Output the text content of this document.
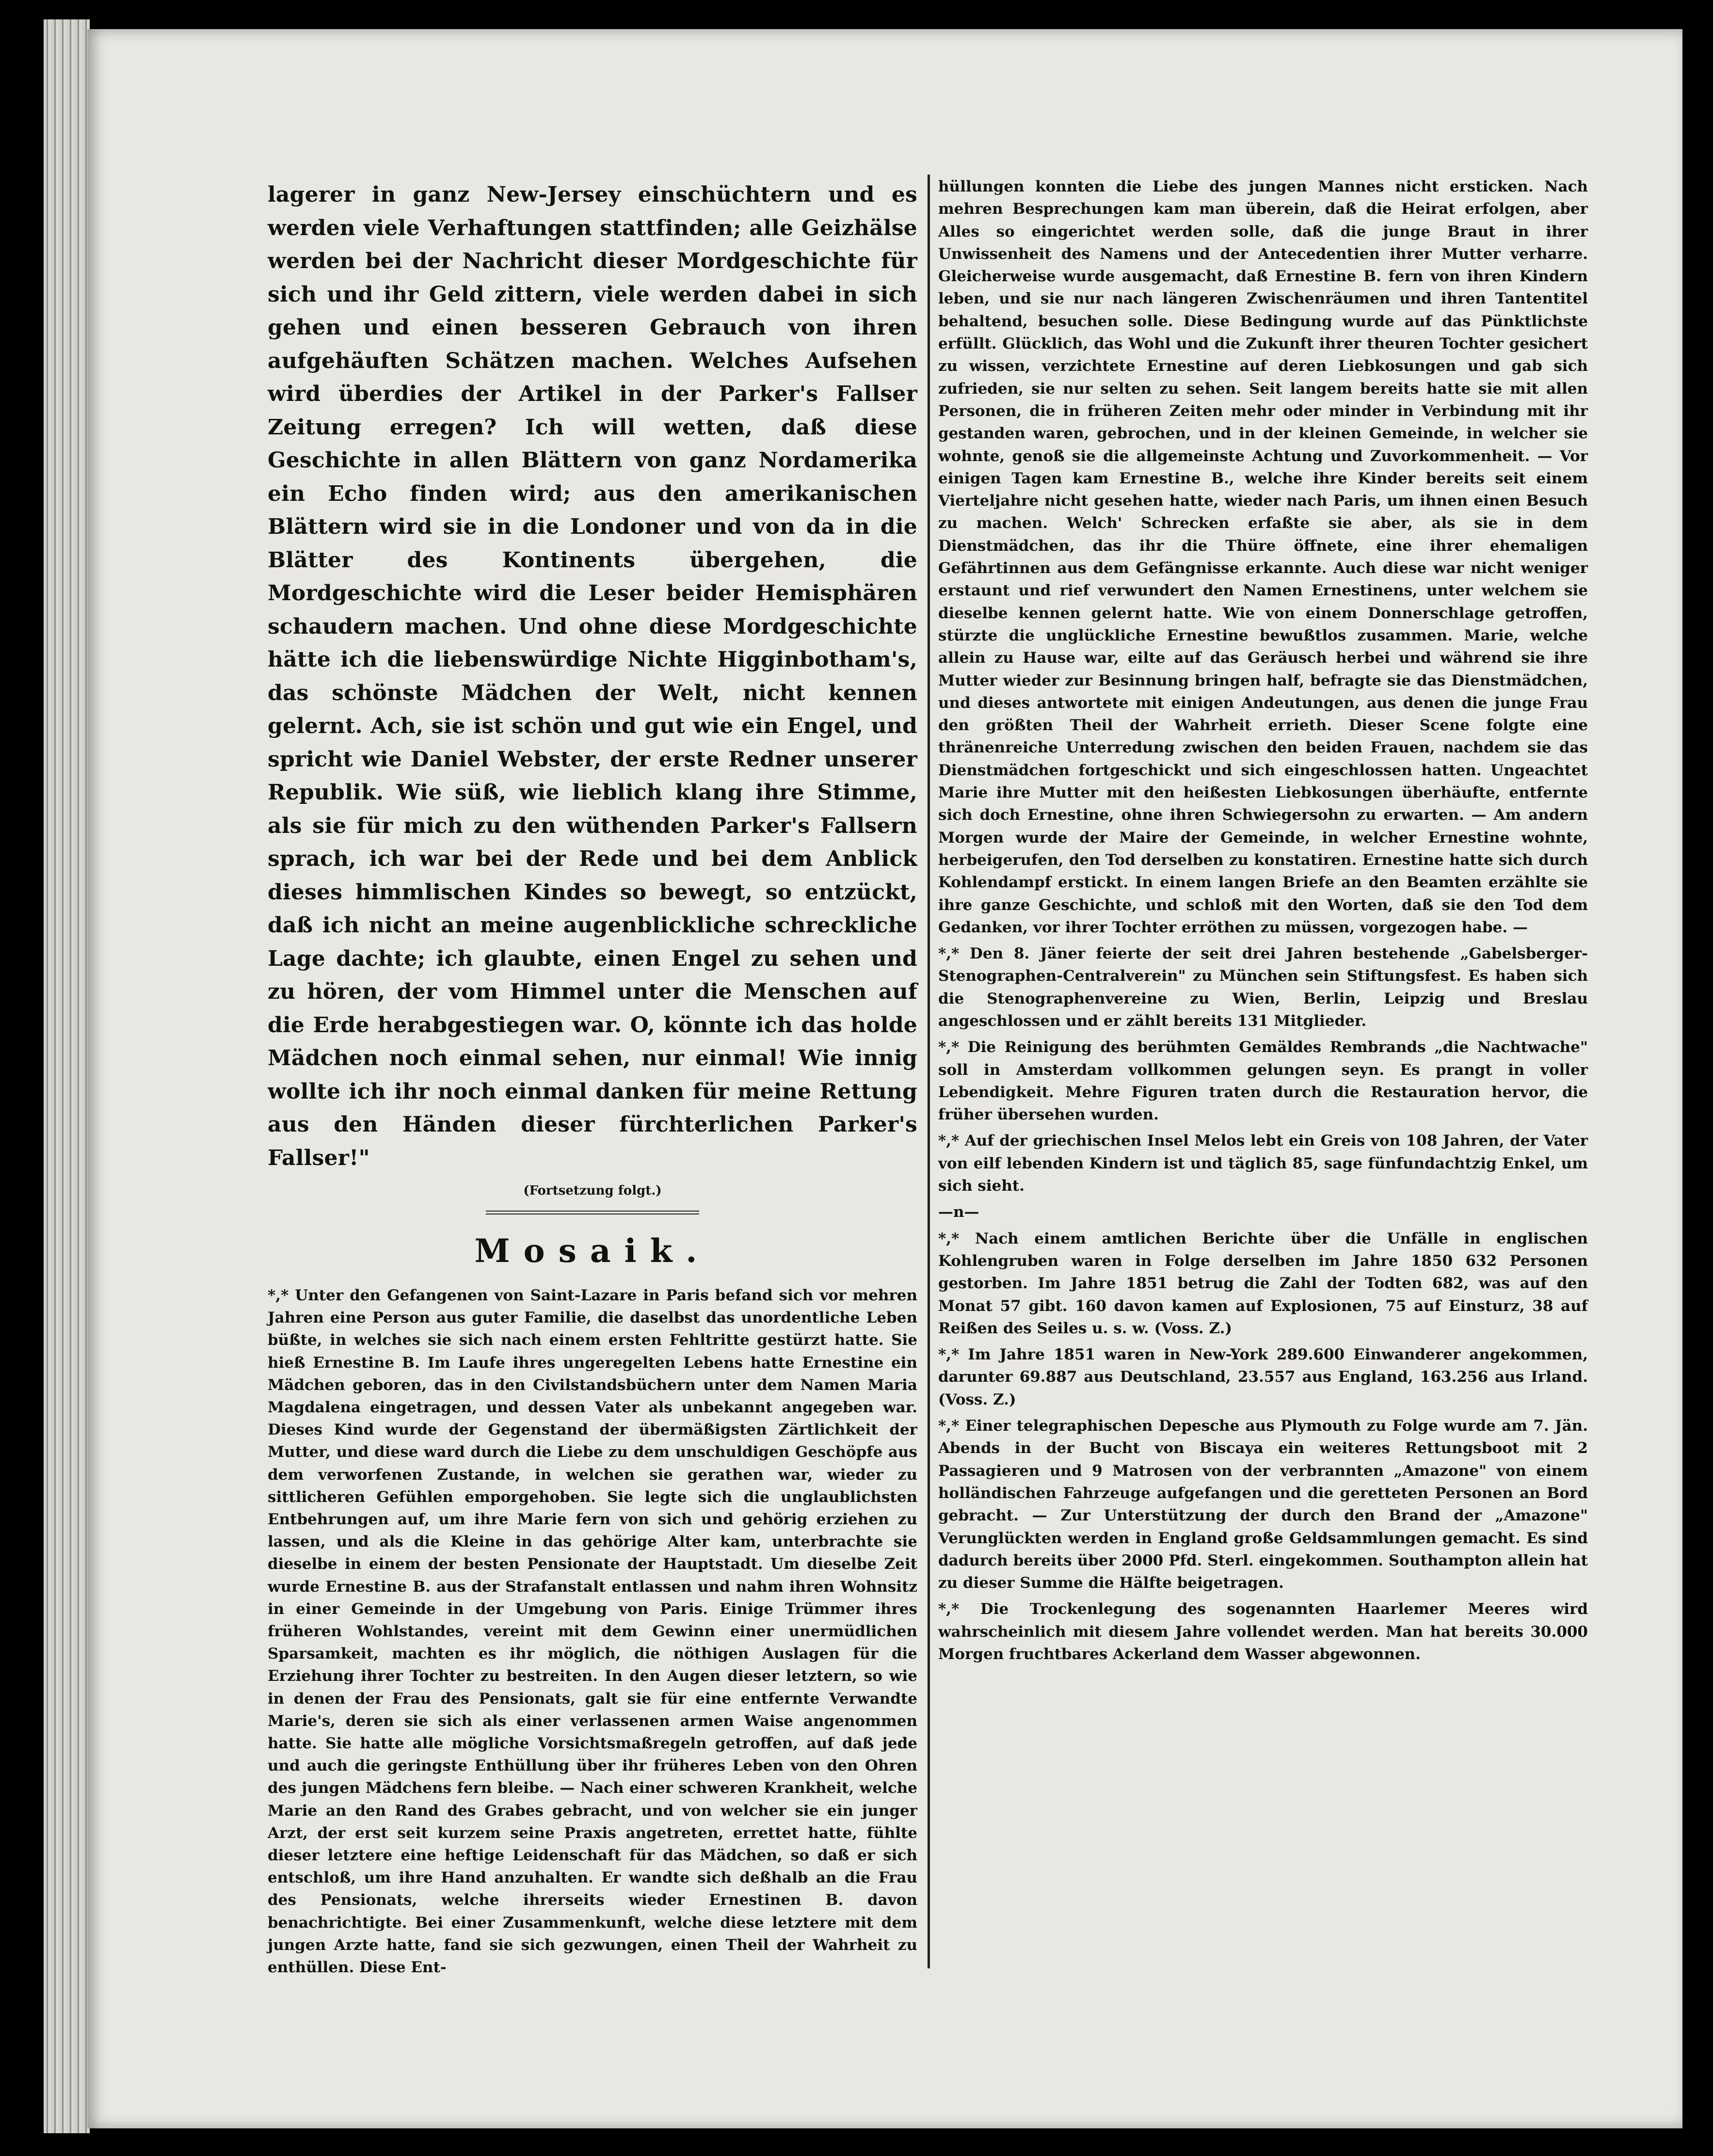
lagerer in ganz New-Jersey einschüchtern und es werden viele Verhaftungen stattfinden; alle Geizhälse werden bei der Nachricht dieser Mordgeschichte für sich und ihr Geld zittern, viele werden dabei in sich gehen und einen besseren Gebrauch von ihren aufgehäuften Schätzen machen. Welches Aufsehen wird überdies der Artikel in der Parker's Fallser Zeitung erregen? Ich will wetten, daß diese Geschichte in allen Blättern von ganz Nordamerika ein Echo finden wird; aus den amerikanischen Blättern wird sie in die Londoner und von da in die Blätter des Kontinents übergehen, die Mordgeschichte wird die Leser beider Hemisphären schaudern machen. Und ohne diese Mordgeschichte hätte ich die liebenswürdige Nichte Higginbotham's, das schönste Mädchen der Welt, nicht kennen gelernt. Ach, sie ist schön und gut wie ein Engel, und spricht wie Daniel Webster, der erste Redner unserer Republik. Wie süß, wie lieblich klang ihre Stimme, als sie für mich zu den wüthenden Parker's Fallsern sprach, ich war bei der Rede und bei dem Anblick dieses himmlischen Kindes so bewegt, so entzückt, daß ich nicht an meine augenblickliche schreckliche Lage dachte; ich glaubte, einen Engel zu sehen und zu hören, der vom Himmel unter die Menschen auf die Erde herabgestiegen war. O, könnte ich das holde Mädchen noch einmal sehen, nur einmal! Wie innig wollte ich ihr noch einmal danken für meine Rettung aus den Händen dieser fürchterlichen Parker's Fallser!"

(Fortsetzung folgt.)
Mosaik.

*,* Unter den Gefangenen von Saint-Lazare in Paris befand sich vor mehren Jahren eine Person aus guter Familie, die daselbst das unordentliche Leben büßte, in welches sie sich nach einem ersten Fehltritte gestürzt hatte. Sie hieß Ernestine B. Im Laufe ihres ungeregelten Lebens hatte Ernestine ein Mädchen geboren, das in den Civilstandsbüchern unter dem Namen Maria Magdalena eingetragen, und dessen Vater als unbekannt angegeben war. Dieses Kind wurde der Gegenstand der übermäßigsten Zärtlichkeit der Mutter, und diese ward durch die Liebe zu dem unschuldigen Geschöpfe aus dem verworfenen Zustande, in welchen sie gerathen war, wieder zu sittlicheren Gefühlen emporgehoben. Sie legte sich die unglaublichsten Entbehrungen auf, um ihre Marie fern von sich und gehörig erziehen zu lassen, und als die Kleine in das gehörige Alter kam, unterbrachte sie dieselbe in einem der besten Pensionate der Hauptstadt. Um dieselbe Zeit wurde Ernestine B. aus der Strafanstalt entlassen und nahm ihren Wohnsitz in einer Gemeinde in der Umgebung von Paris. Einige Trümmer ihres früheren Wohlstandes, vereint mit dem Gewinn einer unermüdlichen Sparsamkeit, machten es ihr möglich, die nöthigen Auslagen für die Erziehung ihrer Tochter zu bestreiten. In den Augen dieser letztern, so wie in denen der Frau des Pensionats, galt sie für eine entfernte Verwandte Marie's, deren sie sich als einer verlassenen armen Waise angenommen hatte. Sie hatte alle mögliche Vorsichtsmaßregeln getroffen, auf daß jede und auch die geringste Enthüllung über ihr früheres Leben von den Ohren des jungen Mädchens fern bleibe. — Nach einer schweren Krankheit, welche Marie an den Rand des Grabes gebracht, und von welcher sie ein junger Arzt, der erst seit kurzem seine Praxis angetreten, errettet hatte, fühlte dieser letztere eine heftige Leidenschaft für das Mädchen, so daß er sich entschloß, um ihre Hand anzuhalten. Er wandte sich deßhalb an die Frau des Pensionats, welche ihrerseits wieder Ernestinen B. davon benachrichtigte. Bei einer Zusammenkunft, welche diese letztere mit dem jungen Arzte hatte, fand sie sich gezwungen, einen Theil der Wahrheit zu enthüllen. Diese Ent-

hüllungen konnten die Liebe des jungen Mannes nicht ersticken. Nach mehren Besprechungen kam man überein, daß die Heirat erfolgen, aber Alles so eingerichtet werden solle, daß die junge Braut in ihrer Unwissenheit des Namens und der Antecedentien ihrer Mutter verharre. Gleicherweise wurde ausgemacht, daß Ernestine B. fern von ihren Kindern leben, und sie nur nach längeren Zwischenräumen und ihren Tantentitel behaltend, besuchen solle. Diese Bedingung wurde auf das Pünktlichste erfüllt. Glücklich, das Wohl und die Zukunft ihrer theuren Tochter gesichert zu wissen, verzichtete Ernestine auf deren Liebkosungen und gab sich zufrieden, sie nur selten zu sehen. Seit langem bereits hatte sie mit allen Personen, die in früheren Zeiten mehr oder minder in Verbindung mit ihr gestanden waren, gebrochen, und in der kleinen Gemeinde, in welcher sie wohnte, genoß sie die allgemeinste Achtung und Zuvorkommenheit. — Vor einigen Tagen kam Ernestine B., welche ihre Kinder bereits seit einem Vierteljahre nicht gesehen hatte, wieder nach Paris, um ihnen einen Besuch zu machen. Welch' Schrecken erfaßte sie aber, als sie in dem Dienstmädchen, das ihr die Thüre öffnete, eine ihrer ehemaligen Gefährtinnen aus dem Gefängnisse erkannte. Auch diese war nicht weniger erstaunt und rief verwundert den Namen Ernestinens, unter welchem sie dieselbe kennen gelernt hatte. Wie von einem Donnerschlage getroffen, stürzte die unglückliche Ernestine bewußtlos zusammen. Marie, welche allein zu Hause war, eilte auf das Geräusch herbei und während sie ihre Mutter wieder zur Besinnung bringen half, befragte sie das Dienstmädchen, und dieses antwortete mit einigen Andeutungen, aus denen die junge Frau den größten Theil der Wahrheit errieth. Dieser Scene folgte eine thränenreiche Unterredung zwischen den beiden Frauen, nachdem sie das Dienstmädchen fortgeschickt und sich eingeschlossen hatten. Ungeachtet Marie ihre Mutter mit den heißesten Liebkosungen überhäufte, entfernte sich doch Ernestine, ohne ihren Schwiegersohn zu erwarten. — Am andern Morgen wurde der Maire der Gemeinde, in welcher Ernestine wohnte, herbeigerufen, den Tod derselben zu konstatiren. Ernestine hatte sich durch Kohlendampf erstickt. In einem langen Briefe an den Beamten erzählte sie ihre ganze Geschichte, und schloß mit den Worten, daß sie den Tod dem Gedanken, vor ihrer Tochter erröthen zu müssen, vorgezogen habe. —

*,* Den 8. Jäner feierte der seit drei Jahren bestehende „Gabelsberger-Stenographen-Centralverein" zu München sein Stiftungsfest. Es haben sich die Stenographenvereine zu Wien, Berlin, Leipzig und Breslau angeschlossen und er zählt bereits 131 Mitglieder.

*,* Die Reinigung des berühmten Gemäldes Rembrands „die Nachtwache" soll in Amsterdam vollkommen gelungen seyn. Es prangt in voller Lebendigkeit. Mehre Figuren traten durch die Restauration hervor, die früher übersehen wurden.

*,* Auf der griechischen Insel Melos lebt ein Greis von 108 Jahren, der Vater von eilf lebenden Kindern ist und täglich 85, sage fünfundachtzig Enkel, um sich sieht.

—n—

*,* Nach einem amtlichen Berichte über die Unfälle in englischen Kohlengruben waren in Folge derselben im Jahre 1850 632 Personen gestorben. Im Jahre 1851 betrug die Zahl der Todten 682, was auf den Monat 57 gibt. 160 davon kamen auf Explosionen, 75 auf Einsturz, 38 auf Reißen des Seiles u. s. w. (Voss. Z.)

*,* Im Jahre 1851 waren in New-York 289.600 Einwanderer angekommen, darunter 69.887 aus Deutschland, 23.557 aus England, 163.256 aus Irland. (Voss. Z.)

*,* Einer telegraphischen Depesche aus Plymouth zu Folge wurde am 7. Jän. Abends in der Bucht von Biscaya ein weiteres Rettungsboot mit 2 Passagieren und 9 Matrosen von der verbrannten „Amazone" von einem holländischen Fahrzeuge aufgefangen und die geretteten Personen an Bord gebracht. — Zur Unterstützung der durch den Brand der „Amazone" Verunglückten werden in England große Geldsammlungen gemacht. Es sind dadurch bereits über 2000 Pfd. Sterl. eingekommen. Southampton allein hat zu dieser Summe die Hälfte beigetragen.

*,* Die Trockenlegung des sogenannten Haarlemer Meeres wird wahrscheinlich mit diesem Jahre vollendet werden. Man hat bereits 30.000 Morgen fruchtbares Ackerland dem Wasser abgewonnen.
